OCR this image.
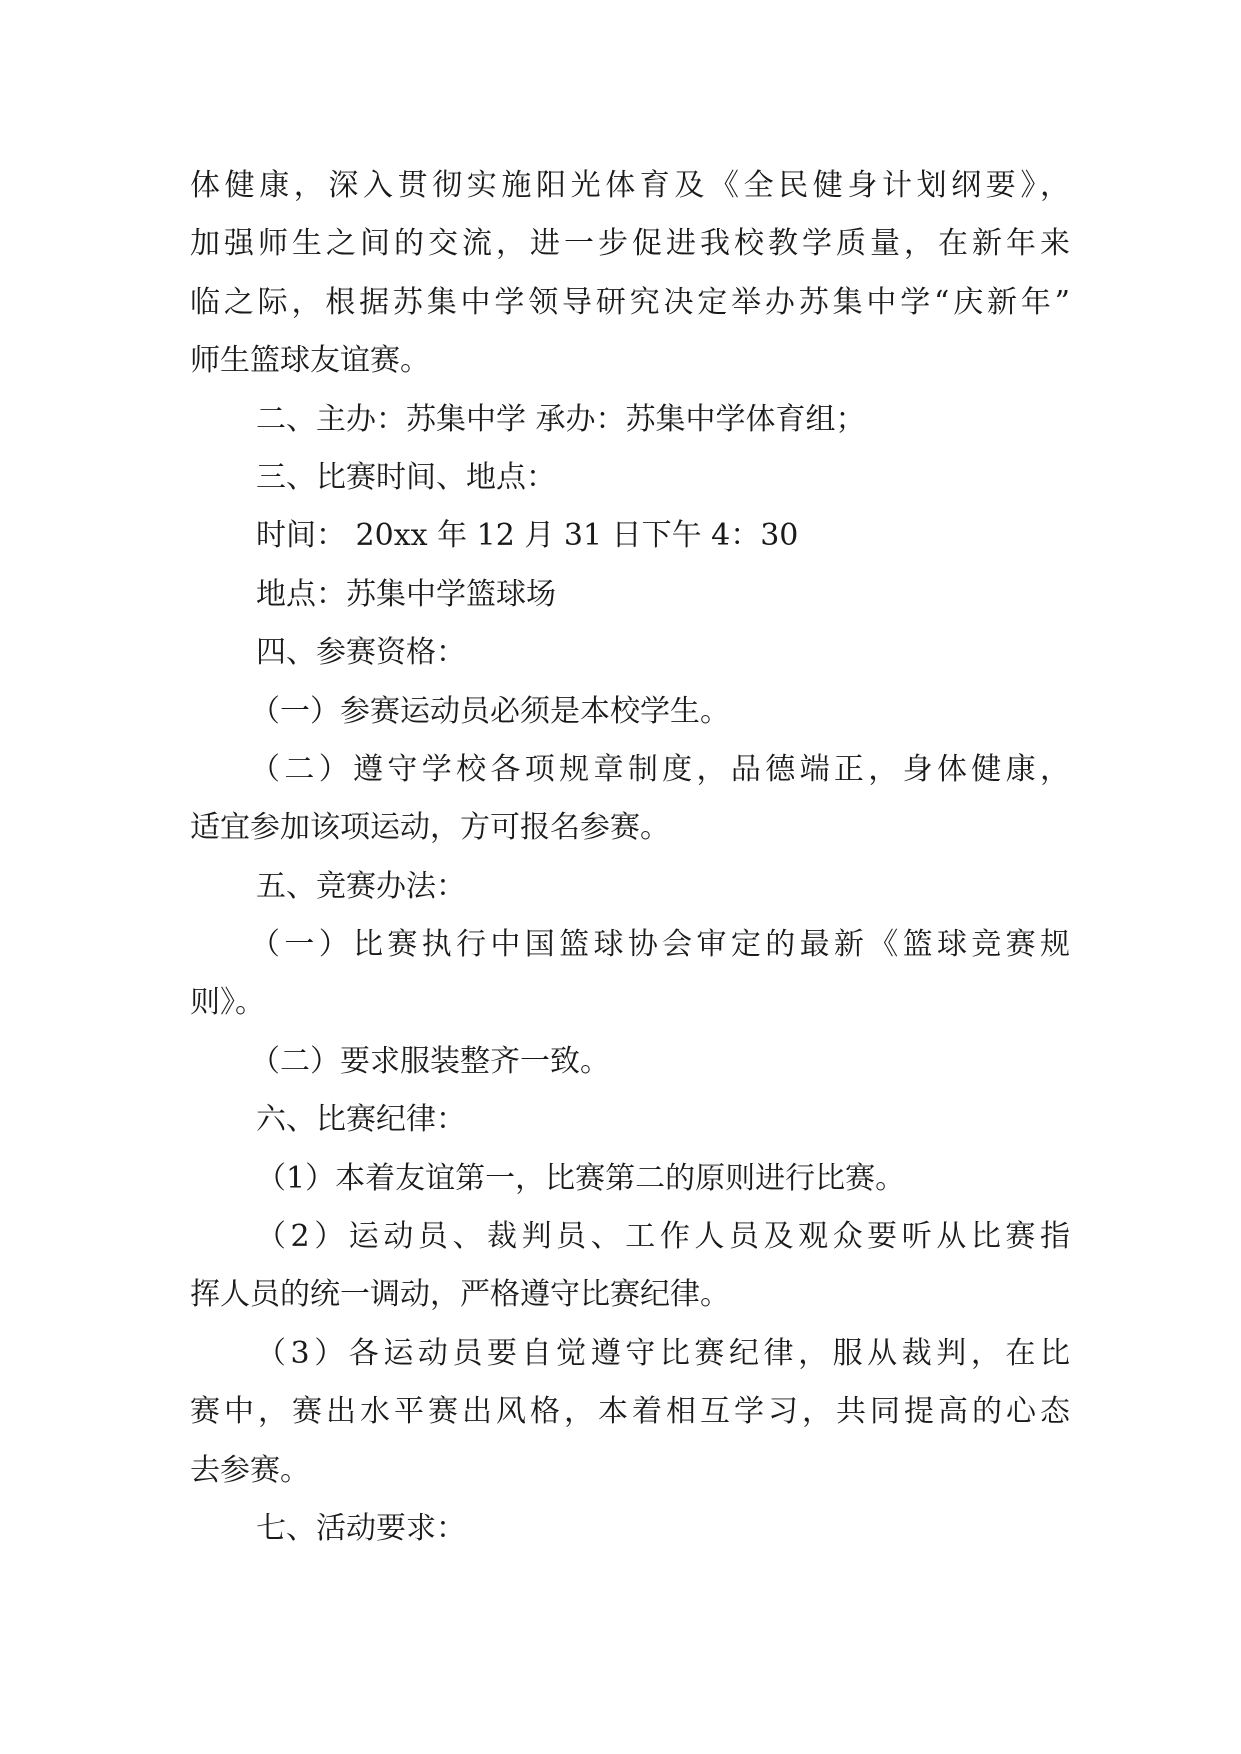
体健康，深入贯彻实施阳光体育及《全民健身计划纲要》，
加强师生之间的交流，进一步促进我校教学质量，在新年来
临之际，根据苏集中学领导研究决定举办苏集中学“庆新年”
师生篮球友谊赛。
二、主办：苏集中学 承办：苏集中学体育组；
三、比赛时间、地点：
时间： 20xx 年 12 月 31 日下午 4：30
地点：苏集中学篮球场
四、参赛资格：
（一）参赛运动员必须是本校学生。
（二）遵守学校各项规章制度，品德端正，身体健康，
适宜参加该项运动，方可报名参赛。
五、竞赛办法：
（一）比赛执行中国篮球协会审定的最新《篮球竞赛规
则》。
（二）要求服装整齐一致。
六、比赛纪律：
（1）本着友谊第一，比赛第二的原则进行比赛。
（2）运动员、裁判员、工作人员及观众要听从比赛指
挥人员的统一调动，严格遵守比赛纪律。
（3）各运动员要自觉遵守比赛纪律，服从裁判，在比
赛中，赛出水平赛出风格，本着相互学习，共同提高的心态
去参赛。
七、活动要求：
